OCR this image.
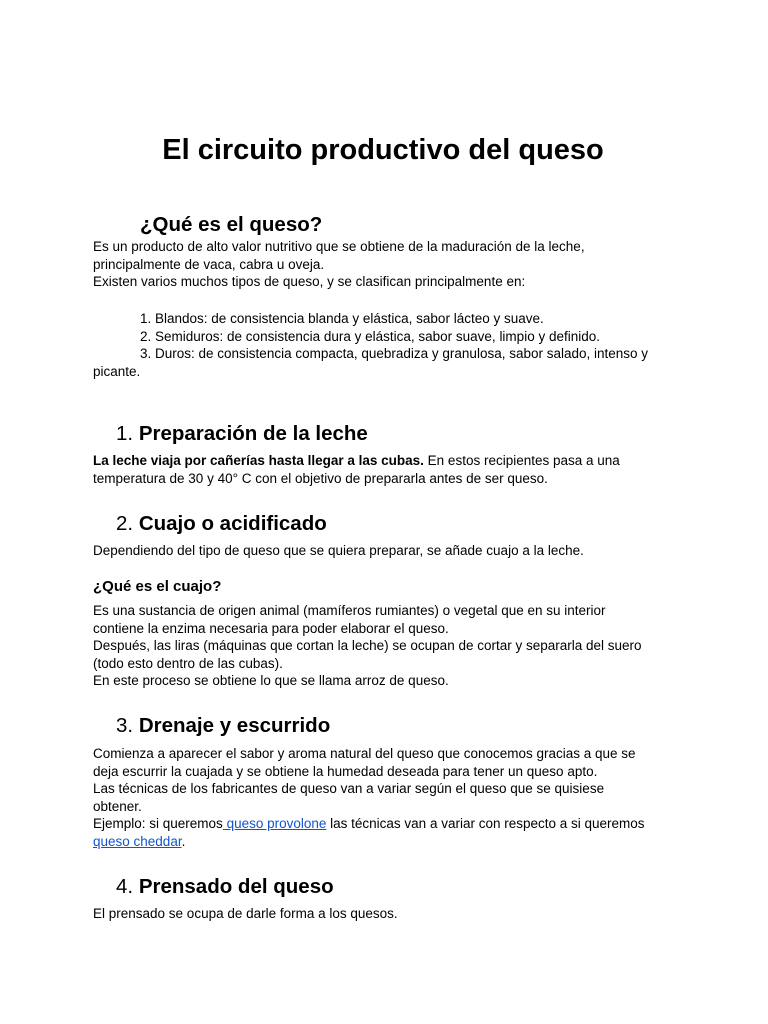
El circuito productivo del queso
¿Qué es el queso?

Es un producto de alto valor nutritivo que se obtiene de la maduración de la leche,
principalmente de vaca, cabra u oveja.
Existen varios muchos tipos de queso, y se clasifican principalmente en:

1. Blandos: de consistencia blanda y elástica, sabor lácteo y suave.
2. Semiduros: de consistencia dura y elástica, sabor suave, limpio y definido.
3. Duros: de consistencia compacta, quebradiza y granulosa, sabor salado, intenso y
picante.

1. Preparación de la leche

La leche viaja por cañerías hasta llegar a las cubas. En estos recipientes pasa a una
temperatura de 30 y 40° C con el objetivo de prepararla antes de ser queso.

2. Cuajo o acidificado

Dependiendo del tipo de queso que se quiera preparar, se añade cuajo a la leche.

¿Qué es el cuajo?

Es una sustancia de origen animal (mamíferos rumiantes) o vegetal que en su interior
contiene la enzima necesaria para poder elaborar el queso.
Después, las liras (máquinas que cortan la leche) se ocupan de cortar y separarla del suero
(todo esto dentro de las cubas).
En este proceso se obtiene lo que se llama arroz de queso.

3. Drenaje y escurrido

Comienza a aparecer el sabor y aroma natural del queso que conocemos gracias a que se
deja escurrir la cuajada y se obtiene la humedad deseada para tener un queso apto.
Las técnicas de los fabricantes de queso van a variar según el queso que se quisiese
obtener.
Ejemplo: si queremos queso provolone las técnicas van a variar con respecto a si queremos
queso cheddar.

4. Prensado del queso

El prensado se ocupa de darle forma a los quesos.
